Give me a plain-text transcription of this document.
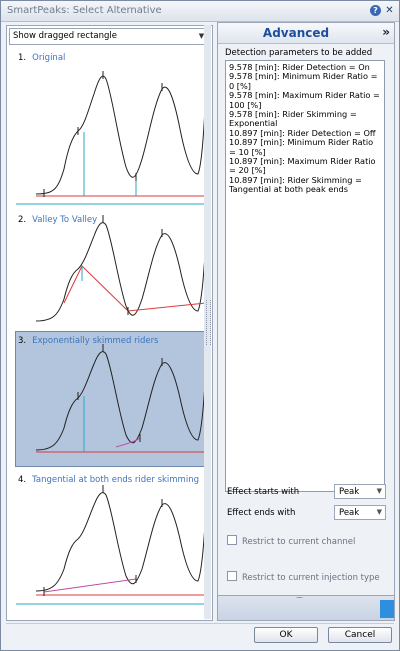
SmartPeaks: Select Alternative	? ✕
Show dragged rectangle	▼
1. Original
2. Valley To Valley
3. Exponentially skimmed riders
4. Tangential at both ends rider skimming
Advanced	»
Detection parameters to be added
9.578 [min]: Rider Detection = On
9.578 [min]: Minimum Rider Ratio = 0 [%]
9.578 [min]: Maximum Rider Ratio = 100 [%]
9.578 [min]: Rider Skimming = Exponential
10.897 [min]: Rider Detection = Off
10.897 [min]: Minimum Rider Ratio = 10 [%]
10.897 [min]: Maximum Rider Ratio = 20 [%]
10.897 [min]: Rider Skimming = Tangential at both peak ends
Effect starts with	Peak ▼
Effect ends with	Peak ▼
Restrict to current channel
Restrict to current injection type
·····
OK	Cancel
